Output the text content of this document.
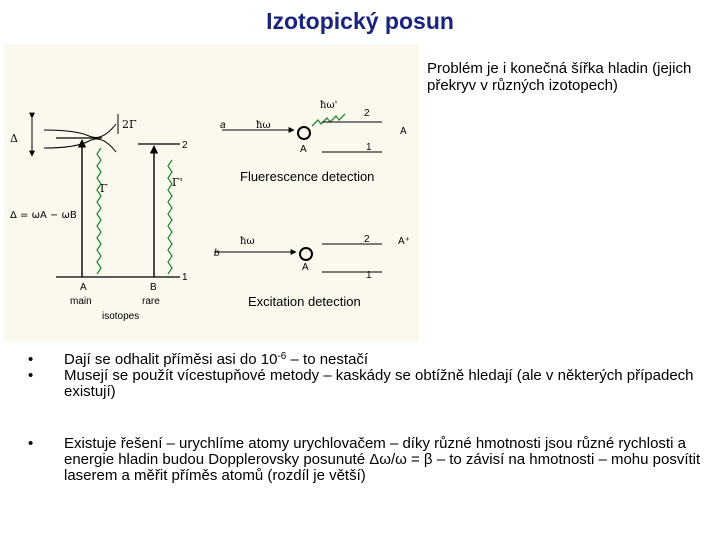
Izotopický posun
2Γ
Δ
Γ	Γ'
Δ = ωA − ωB
2
1
A	B
main	rare
isotopes
a	ħω
ħω'
2
1
A
A
Fluerescence detection
b
ħω	2
1
A
A⁺
Excitation detection
Problém je i konečná šířka hladin (jejich překryv v různých izotopech)
• Dají se odhalit příměsi asi do $10^{-6}$ – to nestačí
• Musejí se použít vícestupňové metody – kaskády se obtížně hledají (ale v některých případech existují)
• Existuje řešení – urychlíme atomy urychlovačem – díky různé hmotnosti jsou různé rychlosti a energie hladin budou Dopplerovsky posunuté Δω/ω = β – to závisí na hmotnosti – mohu posvítit laserem a měřit příměs atomů (rozdíl je větší)
